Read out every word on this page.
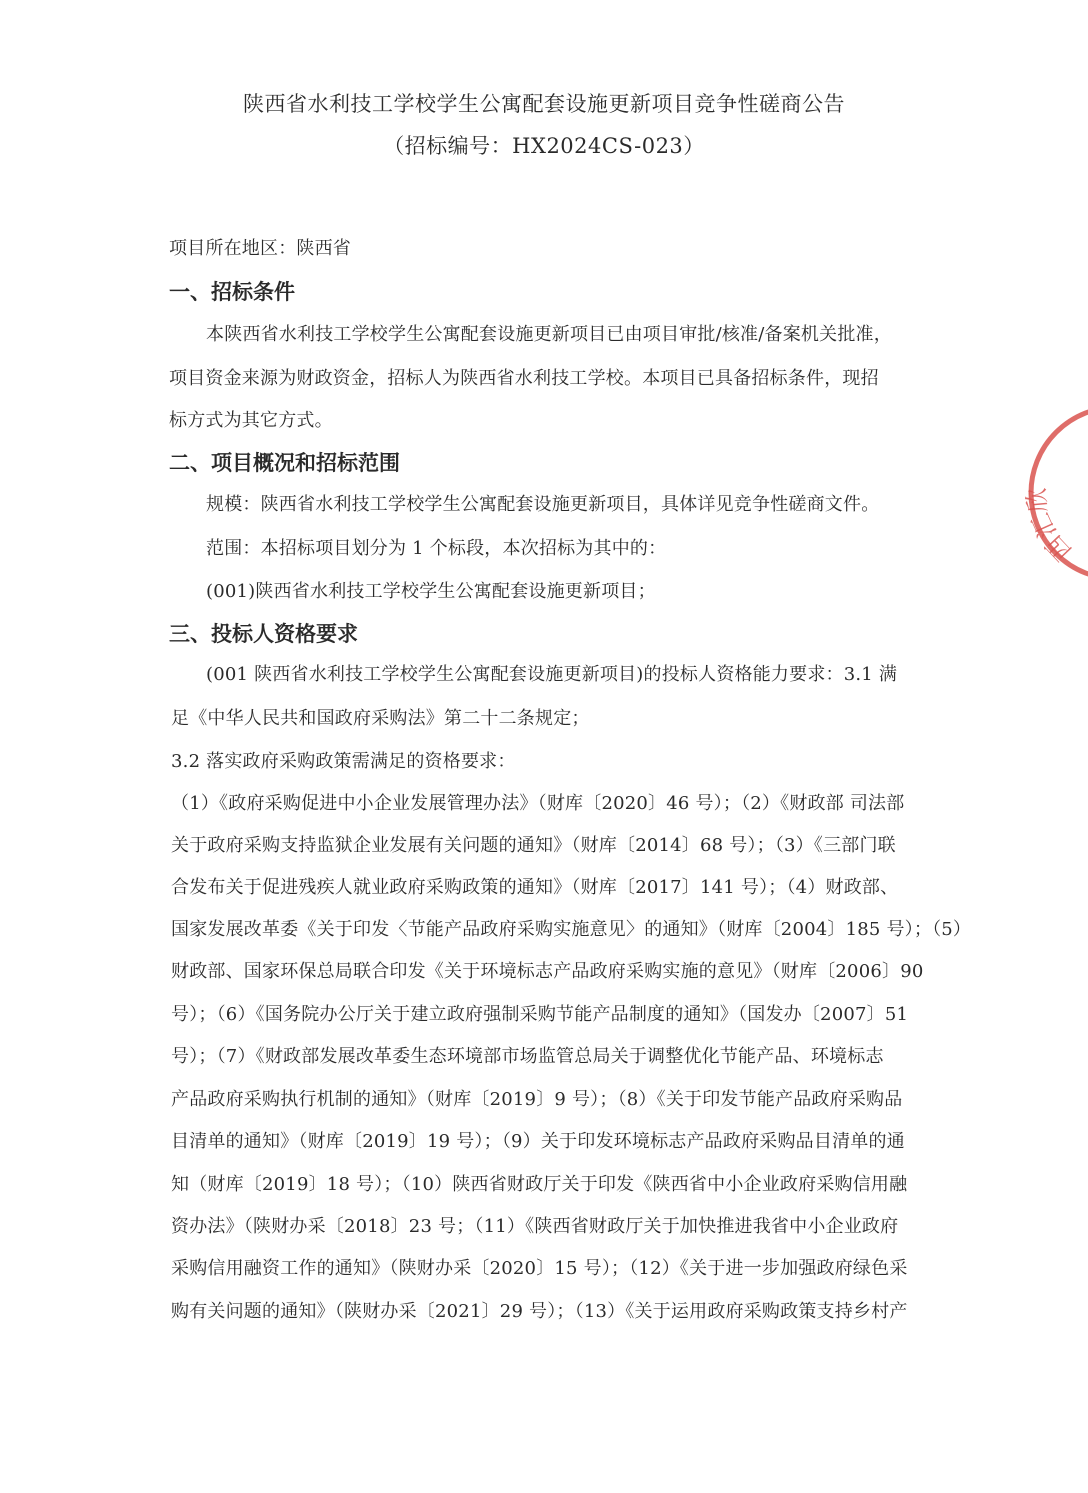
陕西省水利技工学校学生公寓配套设施更新项目竞争性磋商公告
（招标编号：HX2024CS-023）

项目所在地区：陕西省

一、招标条件

本陕西省水利技工学校学生公寓配套设施更新项目已由项目审批/核准/备案机关批准，

项目资金来源为财政资金，招标人为陕西省水利技工学校。本项目已具备招标条件，现招

标方式为其它方式。

二、项目概况和招标范围

规模：陕西省水利技工学校学生公寓配套设施更新项目，具体详见竞争性磋商文件。

范围：本招标项目划分为 1 个标段，本次招标为其中的：

(001)陕西省水利技工学校学生公寓配套设施更新项目；

三、投标人资格要求

(001 陕西省水利技工学校学生公寓配套设施更新项目)的投标人资格能力要求：3.1 满

足《中华人民共和国政府采购法》第二十二条规定；

3.2 落实政府采购政策需满足的资格要求：

（1）《政府采购促进中小企业发展管理办法》（财库〔2020〕46 号）；（2）《财政部 司法部

关于政府采购支持监狱企业发展有关问题的通知》（财库〔2014〕68 号）；（3）《三部门联

合发布关于促进残疾人就业政府采购政策的通知》（财库〔2017〕141 号）；（4）财政部、

国家发展改革委《关于印发〈节能产品政府采购实施意见〉的通知》（财库〔2004〕185 号）；（5）

财政部、国家环保总局联合印发《关于环境标志产品政府采购实施的意见》（财库〔2006〕90

号）；（6）《国务院办公厅关于建立政府强制采购节能产品制度的通知》（国发办〔2007〕51

号）；（7）《财政部发展改革委生态环境部市场监管总局关于调整优化节能产品、环境标志

产品政府采购执行机制的通知》（财库〔2019〕9 号）；（8）《关于印发节能产品政府采购品

目清单的通知》（财库〔2019〕19 号）；（9）关于印发环境标志产品政府采购品目清单的通

知（财库〔2019〕18 号）；（10）陕西省财政厅关于印发《陕西省中小企业政府采购信用融

资办法》（陕财办采〔2018〕23 号；（11）《陕西省财政厅关于加快推进我省中小企业政府

采购信用融资工作的通知》（陕财办采〔2020〕15 号）；（12）《关于进一步加强政府绿色采

购有关问题的通知》（陕财办采〔2021〕29 号）；（13）《关于运用政府采购政策支持乡村产

西汇欣
